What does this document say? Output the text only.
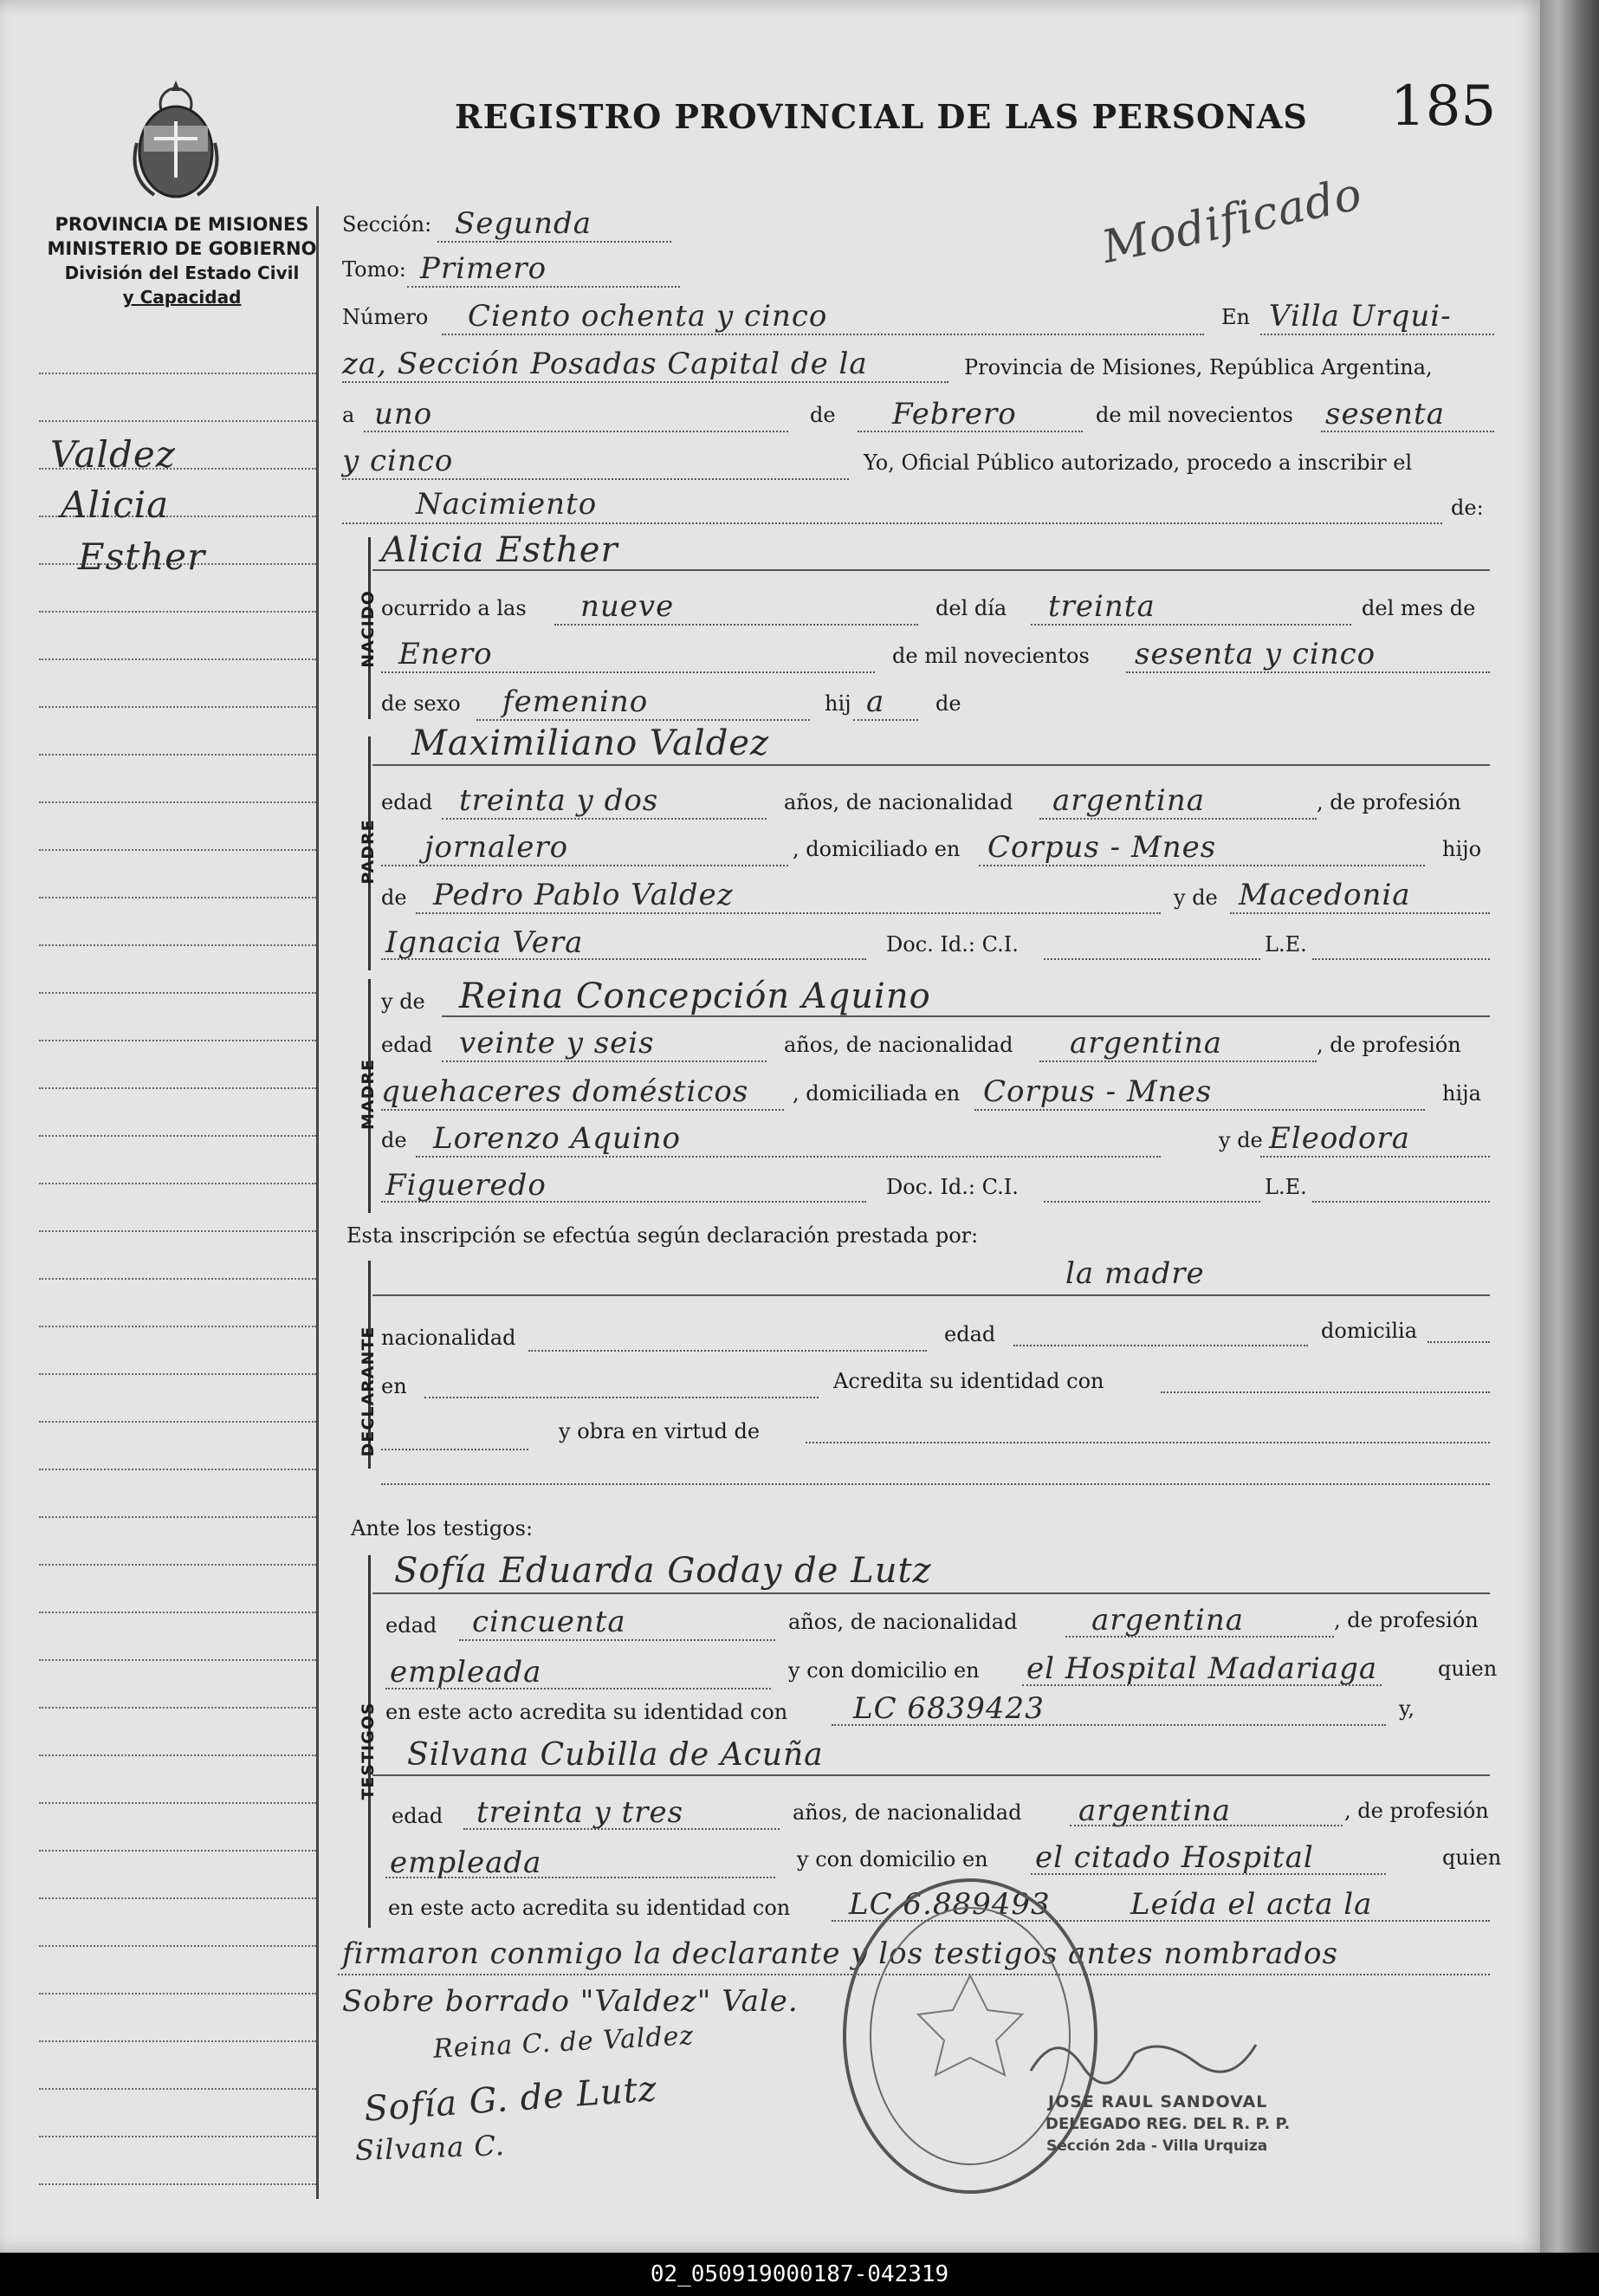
REGISTRO PROVINCIAL DE LAS PERSONAS 185
Modificado
PROVINCIA DE MISIONES
MINISTERIO DE GOBIERNO
División del Estado Civil
y Capacidad
Valdez
Alicia
Esther
Sección: Segunda
Tomo: Primero
Número Ciento ochenta y cinco	En Villa Urqui-
za, Sección Posadas Capital de la	Provincia de Misiones, República Argentina,
a uno	de Febrero	de mil novecientos sesenta
y cinco	Yo, Oficial Público autorizado, procedo a inscribir el
Nacimiento	de:
NACIDO
Alicia Esther
ocurrido a las nueve	del día treinta	del mes de
Enero	de mil novecientos sesenta y cinco
de sexo femenino	hij a de
PADRE
Maximiliano Valdez
edad treinta y dos	años, de nacionalidad argentina	, de profesión
jornalero	, domiciliado en Corpus - Mnes	hijo
de Pedro Pablo Valdez	y de Macedonia
Ignacia Vera	Doc. Id.: C.I.	L.E.
MADRE
y de Reina Concepción Aquino
edad veinte y seis	años, de nacionalidad argentina	, de profesión
quehaceres domésticos , domiciliada en Corpus - Mnes	hija
de Lorenzo Aquino	y de Eleodora
Figueredo	Doc. Id.: C.I.	L.E.
Esta inscripción se efectúa según declaración prestada por:
DECLARANTE
la madre
nacionalidad	edad	domicilia
en	Acredita su identidad con
y obra en virtud de
Ante los testigos:
TESTIGOS
Sofía Eduarda Goday de Lutz
edad cincuenta	años, de nacionalidad	argentina	, de profesión
empleada	y con domicilio en el Hospital Madariaga	quien
en este acto acredita su identidad con LC 6839423	y,
Silvana Cubilla de Acuña
edad treinta y tres	años, de nacionalidad argentina	, de profesión
empleada	y con domicilio en el citado Hospital	quien
en este acto acredita su identidad con LC 6.889493	Leída el acta la
firmaron conmigo la declarante y los testigos antes nombrados
Sobre borrado "Valdez" Vale.
Reina C. de Valdez
Sofía G. de Lutz
Silvana C.
JOSE RAUL SANDOVAL
DELEGADO REG. DEL R. P. P.
Sección 2da - Villa Urquiza
02_050919000187-042319
